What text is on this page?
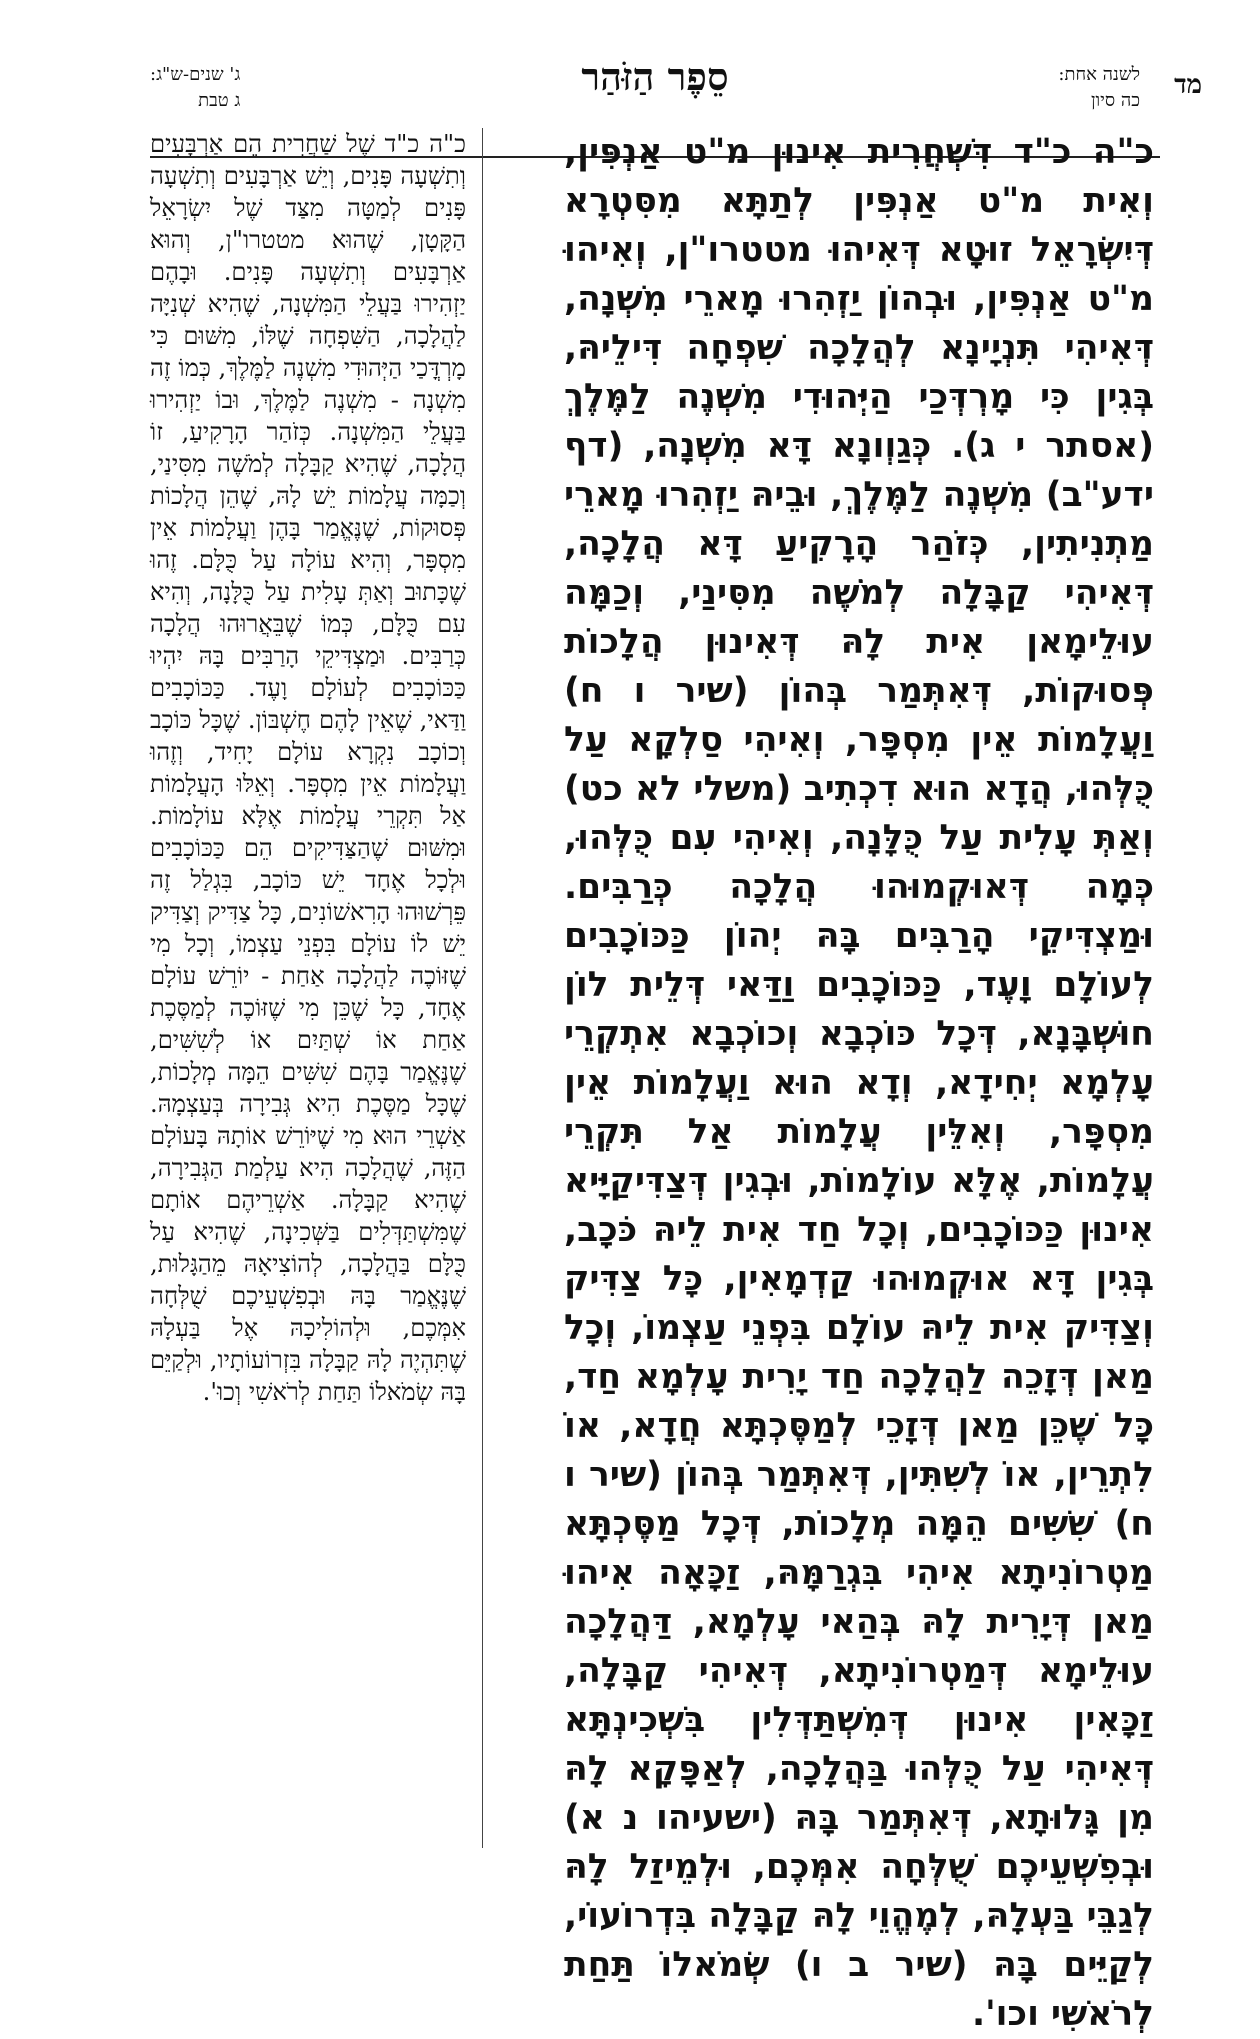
מד
לשנה אחת:
כה סיון
סֵפֶר הַזֹּהַר
ג' שנים-ש"ג:
ג טבת
כ"ה כ"ד דִּשְׁחֲרִית אִינוּן מ"ט אַנְפִּין, וְאִית מ"ט אַנְפִּין לְתַתָּא מִסִּטְרָא דְּיִשְׂרָאֵל זוּטָא דְּאִיהוּ מטטרו"ן, וְאִיהוּ מ"ט אַנְפִּין, וּבְהוֹן יַזְהִרוּ מָארֵי מִשְׁנָה, דְּאִיהִי תִּנְיָינָא לְהֲלָכָה שִׁפְחָה דִּילֵיהּ, בְּגִין כִּי מָרְדְּכַי הַיְּהוּדִי מִשְׁנֶה לַמֶּלֶךְ (אסתר י ג). כְּגַוְונָא דָּא מִשְׁנָה, (דף ידע"ב) מִשְׁנֶה לַמֶּלֶךְ, וּבֵיהּ יַזְהִרוּ מָארֵי מַתְנִיתִין, כְּזֹהַר הָרָקִיעַ דָּא הֲלָכָה, דְּאִיהִי קַבָּלָה לְמֹשֶׁה מִסִּינַי, וְכַמָּה עוּלֵימָאן אִית לָהּ דְּאִינוּן הֲלָכוֹת פְּסוּקוֹת, דְּאִתְּמַר בְּהוֹן (שיר ו ח) וַעֲלָמוֹת אֵין מִסְפָּר, וְאִיהִי סַלְקָא עַל כֻּלְּהוּ, הֲדָא הוּא דִכְתִיב (משלי לא כט) וְאַתְּ עָלִית עַל כֻּלָּנָה, וְאִיהִי עִם כֻּלְּהוּ, כְּמָה דְּאוּקְמוּהוּ הֲלָכָה כְּרַבִּים. וּמַצְדִּיקֵי הָרַבִּים בָּהּ יְהוֹן כַּכּוֹכָבִים לְעוֹלָם וָעֶד, כַּכּוֹכָבִים וַדַּאי דְּלֵית לוֹן חוּשְׁבָּנָא, דְּכָל כּוֹכְבָא וְכוֹכְבָא אִתְקְרֵי עָלְמָא יְחִידָא, וְדָא הוּא וַעֲלָמוֹת אֵין מִסְפָּר, וְאִלֵּין עֲלָמוֹת אַל תִּקְרֵי עֲלָמוֹת, אֶלָּא עוֹלָמוֹת, וּבְגִין דְּצַדִּיקַיָּיא אִינוּן כַּכּוֹכָבִים, וְכָל חַד אִית לֵיהּ כֹּכָב, בְּגִין דָּא אוּקְמוּהוּ קַדְמָאִין, כָּל צַדִּיק וְצַדִּיק אִית לֵיהּ עוֹלָם בִּפְנֵי עַצְמוֹ, וְכָל מַאן דְּזָכֵה לַהֲלָכָה חַד יָרִית עָלְמָא חַד, כָּל שֶׁכֵּן מַאן דְּזָכֵי לְמַסֶּכְתָּא חֲדָא, אוֹ לִתְרֵין, אוֹ לְשִׁתִּין, דְּאִתְּמַר בְּהוֹן (שיר ו ח) שִׁשִּׁים הֵמָּה מְלָכוֹת, דְּכָל מַסֶּכְתָּא מַטְרוֹנִיתָא אִיהִי בִּגְרַמָּהּ, זַכָּאָה אִיהוּ מַאן דְּיָרִית לָהּ בְּהַאי עָלְמָא, דַּהֲלָכָה עוּלֵימָא דְּמַטְרוֹנִיתָא, דְּאִיהִי קַבָּלָה, זַכָּאִין אִינוּן דְּמִשְׁתַּדְּלִין בִּשְׁכִינְתָּא דְּאִיהִי עַל כֻּלְּהוּ בַּהֲלָכָה, לְאַפָּקָא לָהּ מִן גָּלוּתָא, דְּאִתְּמַר בָּהּ (ישעיהו נ א) וּבְפִשְׁעֵיכֶם שֻׁלְּחָה אִמְּכֶם, וּלְמֵיזַל לָהּ לְגַבֵּי בַּעְלָהּ, לְמֶהֱוֵי לָהּ קַבָּלָה בִּדְרוֹעוֹי, לְקַיֵּים בָּהּ (שיר ב ו) שְׂמֹאלוֹ תַּחַת לְרֹאשִׁי וכו'.
כ"ה כ"ד שֶׁל שַׁחֲרִית הֵם אַרְבָּעִים וְתִשְׁעָה פָּנִים, וְיֵשׁ אַרְבָּעִים וְתִשְׁעָה פָּנִים לְמַטָּה מִצַּד שֶׁל יִשְׂרָאֵל הַקָּטָן, שֶׁהוּא מטטרו"ן, וְהוּא אַרְבָּעִים וְתִשְׁעָה פָּנִים. וּבָהֶם יַזְהִירוּ בַּעֲלֵי הַמִּשְׁנָה, שֶׁהִיא שְׁנִיָּה לַהֲלָכָה, הַשִּׁפְחָה שֶׁלּוֹ, מִשּׁוּם כִּי מָרְדֳּכַי הַיְּהוּדִי מִשְׁנֶה לַמֶּלֶךְ, כְּמוֹ זֶה מִשְׁנָה - מִשְׁנֶה לַמֶּלֶךְ, וּבוֹ יַזְהִירוּ בַּעֲלֵי הַמִּשְׁנָה. כְּזֹהַר הָרָקִיעַ, זוֹ הֲלָכָה, שֶׁהִיא קַבָּלָה לְמֹשֶׁה מִסִּינַי, וְכַמָּה עֲלָמוֹת יֵשׁ לָהּ, שֶׁהֵן הֲלָכוֹת פְּסוּקוֹת, שֶׁנֶּאֱמַר בָּהֶן וַעֲלָמוֹת אֵין מִסְפָּר, וְהִיא עוֹלָה עַל כֻּלָּם. זֶהוּ שֶׁכָּתוּב וְאַתְּ עָלִית עַל כֻּלָּנָה, וְהִיא עִם כֻּלָּם, כְּמוֹ שֶׁבֵּאֲרוּהוּ הֲלָכָה כְּרַבִּים. וּמַצְדִּיקֵי הָרַבִּים בָּהּ יִהְיוּ כַּכּוֹכָבִים לְעוֹלָם וָעֶד. כַּכּוֹכָבִים וַדַּאי, שֶׁאֵין לָהֶם חֶשְׁבּוֹן. שֶׁכָּל כּוֹכָב וְכוֹכָב נִקְרָא עוֹלָם יָחִיד, וְזֶהוּ וַעֲלָמוֹת אֵין מִסְפָּר. וְאֵלּוּ הָעֲלָמוֹת אַל תִּקְרֵי עֲלָמוֹת אֶלָּא עוֹלָמוֹת. וּמִשּׁוּם שֶׁהַצַּדִּיקִים הֵם כַּכּוֹכָבִים וּלְכָל אֶחָד יֵשׁ כּוֹכָב, בִּגְלַל זֶה פֵּרְשׁוּהוּ הָרִאשׁוֹנִים, כָּל צַדִּיק וְצַדִּיק יֵשׁ לוֹ עוֹלָם בִּפְנֵי עַצְמוֹ, וְכָל מִי שֶׁזּוֹכֶה לַהֲלָכָה אַחַת - יוֹרֵשׁ עוֹלָם אֶחָד, כָּל שֶׁכֵּן מִי שֶׁזּוֹכֶה לְמַסֶּכֶת אַחַת אוֹ שְׁתַּיִם אוֹ לְשִׁשִּׁים, שֶׁנֶּאֱמַר בָּהֶם שִׁשִּׁים הֵמָּה מְלָכוֹת, שֶׁכָּל מַסֶּכֶת הִיא גְּבִירָה בְּעַצְמָהּ. אַשְׁרֵי הוּא מִי שֶׁיּוֹרֵשׁ אוֹתָהּ בָּעוֹלָם הַזֶּה, שֶׁהֲלָכָה הִיא עַלְמַת הַגְּבִירָה, שֶׁהִיא קַבָּלָה. אַשְׁרֵיהֶם אוֹתָם שֶׁמִּשְׁתַּדְּלִים בַּשְּׁכִינָה, שֶׁהִיא עַל כֻּלָּם בַּהֲלָכָה, לְהוֹצִיאָהּ מֵהַגָּלוּת, שֶׁנֶּאֱמַר בָּהּ וּבְפִשְׁעֵיכֶם שֻׁלְּחָה אִמְּכֶם, וּלְהוֹלִיכָהּ אֶל בַּעְלָהּ שֶׁתִּהְיֶה לָהּ קַבָּלָה בִּזְרוֹעוֹתָיו, וּלְקַיֵּם בָּהּ שְׂמֹאלוֹ תַּחַת לְרֹאשִׁי וְכוּ'.
